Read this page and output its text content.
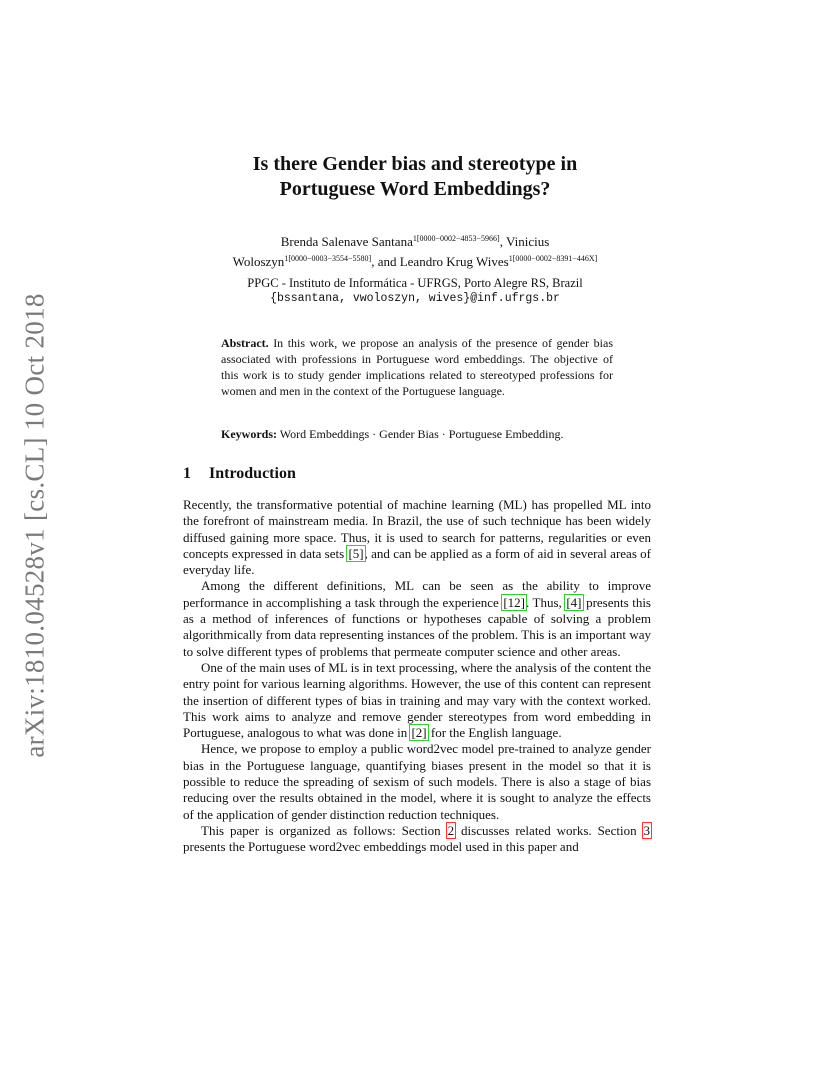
arXiv:1810.04528v1 [cs.CL] 10 Oct 2018
Is there Gender bias and stereotype in
Portuguese Word Embeddings?
Brenda Salenave Santana$^{1[0000-0002-4853-5966]}$, Vinicius
Woloszyn$^{1[0000-0003-3554-5580]}$, and Leandro Krug Wives$^{1[0000-0002-8391-446X]}$
PPGC - Instituto de Informática - UFRGS, Porto Alegre RS, Brazil
{bssantana, vwoloszyn, wives}@inf.ufrgs.br
Abstract. In this work, we propose an analysis of the presence of gender bias associated with professions in Portuguese word embeddings. The objective of this work is to study gender implications related to stereotyped professions for women and men in the context of the Portuguese language.
Keywords: Word Embeddings · Gender Bias · Portuguese Embedding.
1 Introduction

Recently, the transformative potential of machine learning (ML) has propelled ML into the forefront of mainstream media. In Brazil, the use of such technique has been widely diffused gaining more space. Thus, it is used to search for patterns, regularities or even concepts expressed in data sets [5], and can be applied as a form of aid in several areas of everyday life.

Among the different definitions, ML can be seen as the ability to improve performance in accomplishing a task through the experience [12]. Thus, [4] presents this as a method of inferences of functions or hypotheses capable of solving a problem algorithmically from data representing instances of the problem. This is an important way to solve different types of problems that permeate computer science and other areas.

One of the main uses of ML is in text processing, where the analysis of the content the entry point for various learning algorithms. However, the use of this content can represent the insertion of different types of bias in training and may vary with the context worked. This work aims to analyze and remove gender stereotypes from word embedding in Portuguese, analogous to what was done in [2] for the English language.

Hence, we propose to employ a public word2vec model pre-trained to analyze gender bias in the Portuguese language, quantifying biases present in the model so that it is possible to reduce the spreading of sexism of such models. There is also a stage of bias reducing over the results obtained in the model, where it is sought to analyze the effects of the application of gender distinction reduction techniques.

This paper is organized as follows: Section 2 discusses related works. Section 3 presents the Portuguese word2vec embeddings model used in this paper and
